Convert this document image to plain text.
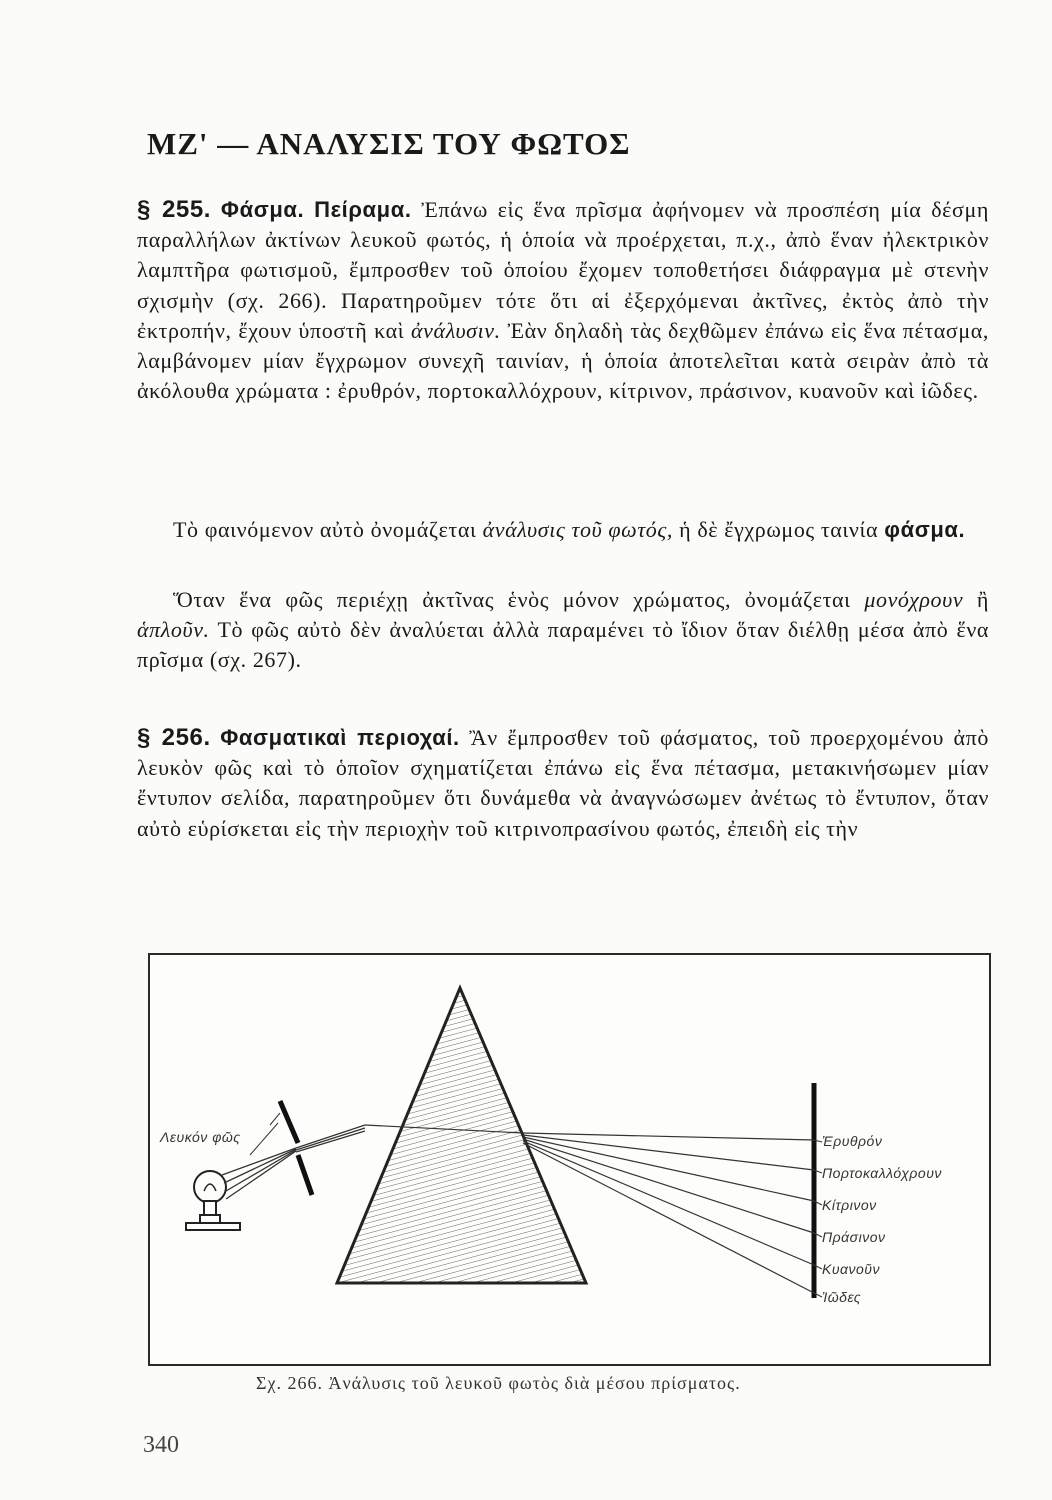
ΜΖ' — ΑΝΑΛΥΣΙΣ ΤΟΥ ΦΩΤΟΣ

§ 255. Φάσμα. Πείραμα. Ἐπάνω εἰς ἕνα πρῖσμα ἀφήνομεν νὰ προσπέση μία δέσμη παραλλήλων ἀκτίνων λευκοῦ φωτός, ἡ ὁποία νὰ προέρχεται, π.χ., ἀπὸ ἕναν ἠλεκτρικὸν λαμπτῆρα φωτισμοῦ, ἔμπροσθεν τοῦ ὁποίου ἔχομεν τοποθετήσει διάφραγμα μὲ στενὴν σχισμὴν (σχ. 266). Παρατηροῦμεν τότε ὅτι αἱ ἐξερχόμεναι ἀκτῖνες, ἐκτὸς ἀπὸ τὴν ἐκτροπήν, ἔχουν ὑποστῆ καὶ ἀνάλυσιν. Ἐὰν δηλαδὴ τὰς δεχθῶμεν ἐπάνω εἰς ἕνα πέτασμα, λαμβάνομεν μίαν ἔγχρωμον συνεχῆ ταινίαν, ἡ ὁποία ἀποτελεῖται κατὰ σειρὰν ἀπὸ τὰ ἀκόλουθα χρώματα : ἐρυθρόν, πορτοκαλλόχρουν, κίτρινον, πράσινον, κυανοῦν καὶ ἰῶδες.

Τὸ φαινόμενον αὐτὸ ὀνομάζεται ἀνάλυσις τοῦ φωτός, ἡ δὲ ἔγχρωμος ταινία φάσμα.

Ὅταν ἕνα φῶς περιέχῃ ἀκτῖνας ἑνὸς μόνον χρώματος, ὀνομάζεται μονόχρουν ἢ ἁπλοῦν. Τὸ φῶς αὐτὸ δὲν ἀναλύεται ἀλλὰ παραμένει τὸ ἴδιον ὅταν διέλθῃ μέσα ἀπὸ ἕνα πρῖσμα (σχ. 267).

§ 256. Φασματικαὶ περιοχαί. Ἂν ἔμπροσθεν τοῦ φάσματος, τοῦ προερχομένου ἀπὸ λευκὸν φῶς καὶ τὸ ὁποῖον σχηματίζεται ἐπάνω εἰς ἕνα πέτασμα, μετακινήσωμεν μίαν ἔντυπον σελίδα, παρατηροῦμεν ὅτι δυνάμεθα νὰ ἀναγνώσωμεν ἀνέτως τὸ ἔντυπον, ὅταν αὐτὸ εὑρίσκεται εἰς τὴν περιοχὴν τοῦ κιτρινοπρασίνου φωτός, ἐπειδὴ εἰς τὴν

Λευκόν φῶς	Ἐρυθρόν
Πορτοκαλλόχρουν
Κίτρινον
Πράσινον
Κυανοῦν
Ἰῶδες

Σχ. 266. Ἀνάλυσις τοῦ λευκοῦ φωτὸς διὰ μέσου πρίσματος.

340
